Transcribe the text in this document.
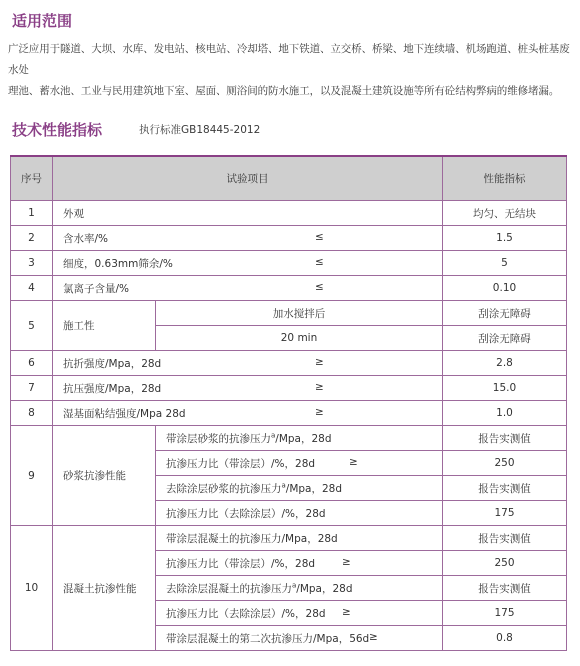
适用范围

广泛应用于隧道、大坝、水库、发电站、核电站、冷却塔、地下铁道、立交桥、桥梁、地下连续墙、机场跑道、桩头桩基废水处

理池、蓄水池、工业与民用建筑地下室、屋面、厕浴间的防水施工，以及混凝土建筑设施等所有砼结构弊病的维修堵漏。

技术性能指标	执行标准GB18445-2012
序号	试验项目		性能指标
1	外观		均匀、无结块
2	含水率/% ≤		1.5
3	细度，0.63mm筛余/% ≤		5
4	氯离子含量/% ≤		0.10
5	施工性	加水搅拌后	刮涂无障碍
		20 min	刮涂无障碍
6	抗折强度/Mpa，28d ≥		2.8
7	抗压强度/Mpa，28d ≥		15.0
8	湿基面粘结强度/Mpa 28d ≥		1.0
9	砂浆抗渗性能	带涂层砂浆的抗渗压力$^a$/Mpa，28d	报告实测值
		抗渗压力比（带涂层）/%，28d ≥	250
		去除涂层砂浆的抗渗压力$^a$/Mpa，28d	报告实测值
		抗渗压力比（去除涂层）/%，28d	175
10	混凝土抗渗性能	带涂层混凝土的抗渗压力/Mpa，28d	报告实测值
		抗渗压力比（带涂层）/%，28d ≥	250
		去除涂层混凝土的抗渗压力$^a$/Mpa，28d	报告实测值
		抗渗压力比（去除涂层）/%，28d ≥	175
		带涂层混凝土的第二次抗渗压力/Mpa，56d ≥	0.8
